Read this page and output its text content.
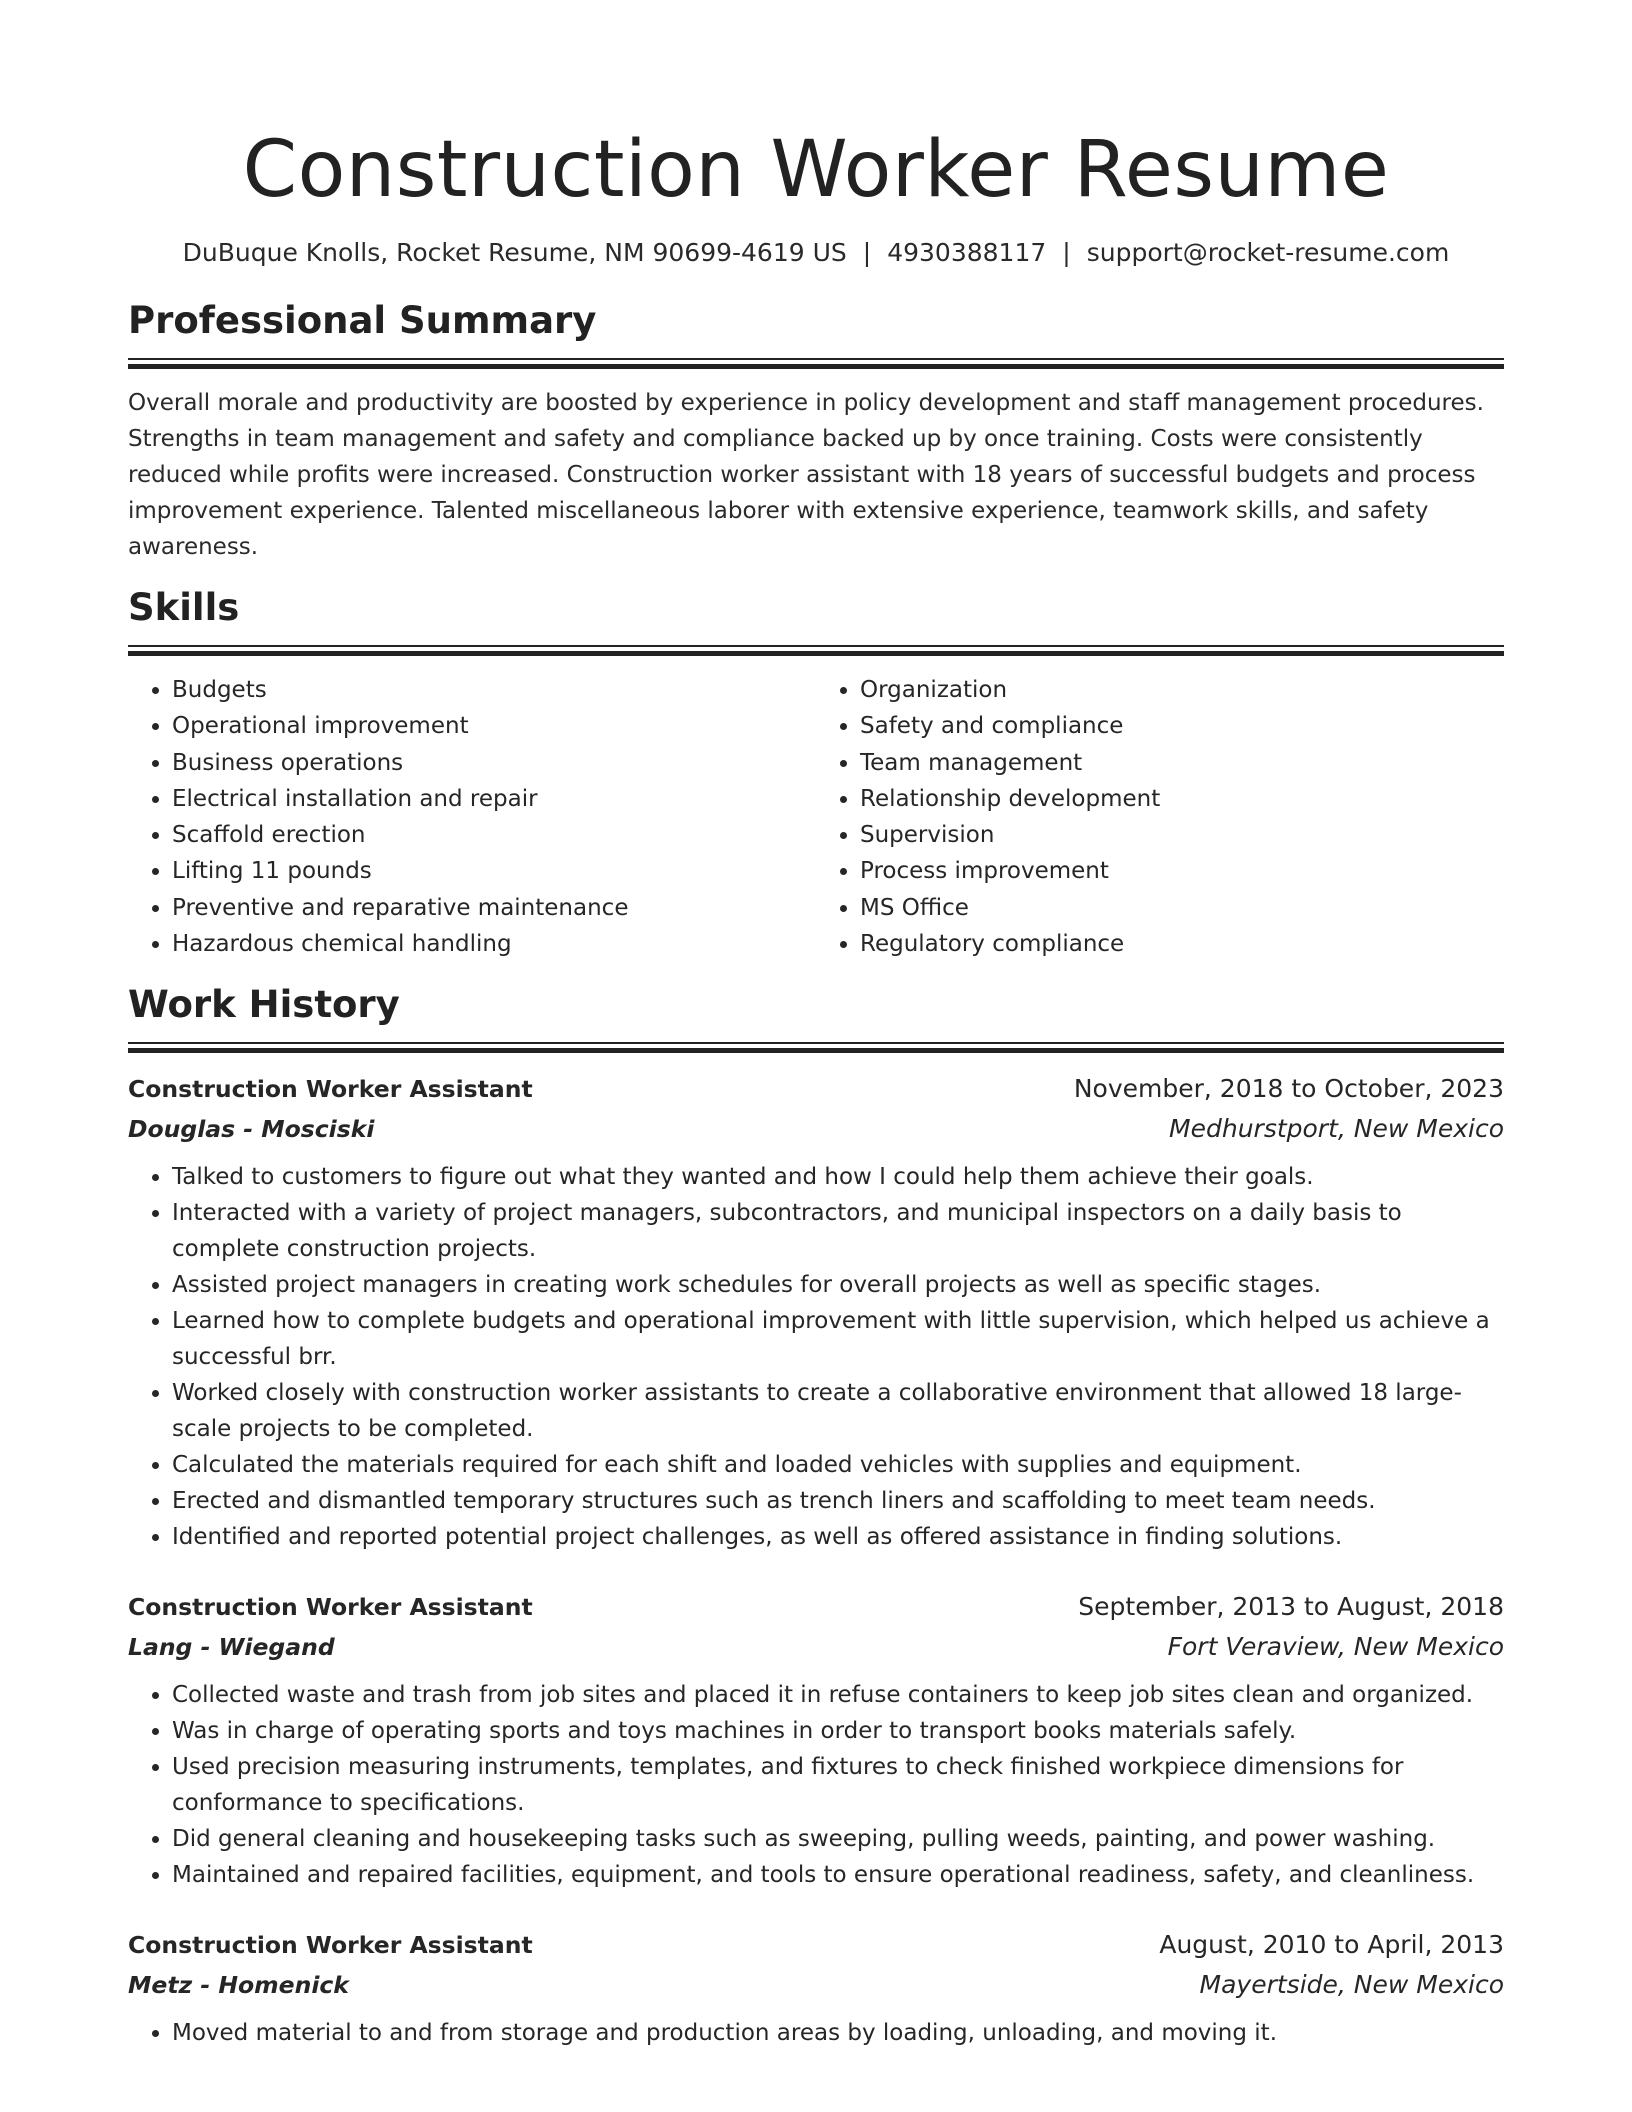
Construction Worker Resume
DuBuque Knolls, Rocket Resume, NM 90699-4619 US | 4930388117 | support@rocket-resume.com
Professional Summary

Overall morale and productivity are boosted by experience in policy development and staff management procedures. Strengths in team management and safety and compliance backed up by once training. Costs were consistently reduced while profits were increased. Construction worker assistant with 18 years of successful budgets and process improvement experience. Talented miscellaneous laborer with extensive experience, teamwork skills, and safety awareness.

Skills
• Budgets
• Operational improvement
• Business operations
• Electrical installation and repair
• Scaffold erection
• Lifting 11 pounds
• Preventive and reparative maintenance
• Hazardous chemical handling
• Organization
• Safety and compliance
• Team management
• Relationship development
• Supervision
• Process improvement
• MS Office
• Regulatory compliance
Work History
Construction Worker Assistant	November, 2018 to October, 2023
Douglas - Mosciski	Medhurstport, New Mexico
• Talked to customers to figure out what they wanted and how I could help them achieve their goals.
• Interacted with a variety of project managers, subcontractors, and municipal inspectors on a daily basis to complete construction projects.
• Assisted project managers in creating work schedules for overall projects as well as specific stages.
• Learned how to complete budgets and operational improvement with little supervision, which helped us achieve a successful brr.
• Worked closely with construction worker assistants to create a collaborative environment that allowed 18 large-scale projects to be completed.
• Calculated the materials required for each shift and loaded vehicles with supplies and equipment.
• Erected and dismantled temporary structures such as trench liners and scaffolding to meet team needs.
• Identified and reported potential project challenges, as well as offered assistance in finding solutions.
Construction Worker Assistant	September, 2013 to August, 2018
Lang - Wiegand	Fort Veraview, New Mexico
• Collected waste and trash from job sites and placed it in refuse containers to keep job sites clean and organized.
• Was in charge of operating sports and toys machines in order to transport books materials safely.
• Used precision measuring instruments, templates, and fixtures to check finished workpiece dimensions for conformance to specifications.
• Did general cleaning and housekeeping tasks such as sweeping, pulling weeds, painting, and power washing.
• Maintained and repaired facilities, equipment, and tools to ensure operational readiness, safety, and cleanliness.
Construction Worker Assistant	August, 2010 to April, 2013
Metz - Homenick	Mayertside, New Mexico
• Moved material to and from storage and production areas by loading, unloading, and moving it.
